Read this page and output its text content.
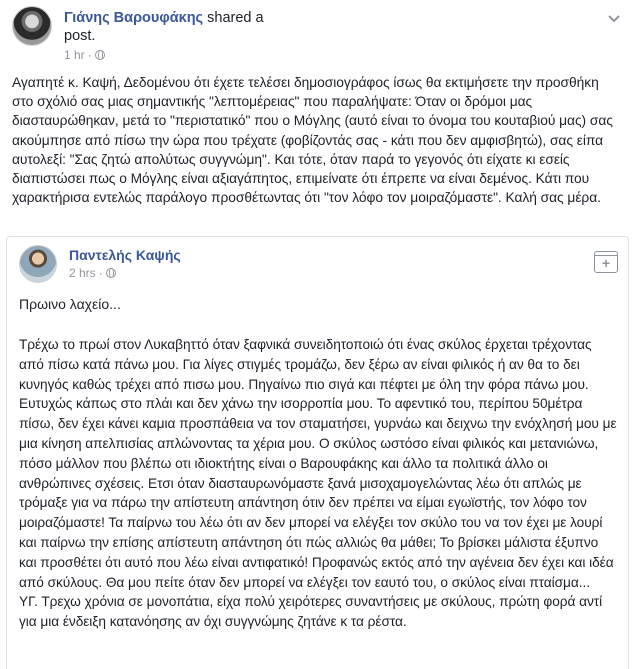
Γιάνης Βαρουφάκης shared a post.
1 hr ·
Αγαπητέ κ. Καψή, Δεδομένου ότι έχετε τελέσει δημοσιογράφος ίσως θα εκτιμήσετε την προσθήκη στο σχόλιό σας μιας σημαντικής "λεπτομέρειας" που παραλήψατε: Όταν οι δρόμοι μας διασταυρώθηκαν, μετά το "περιστατικό" που ο Μόγλης (αυτό είναι το όνομα του κουταβιού μας) σας ακούμπησε από πίσω την ώρα που τρέχατε (φοβίζοντάς σας - κάτι που δεν αμφισβητώ), σας είπα αυτολεξί: "Σας ζητώ απολύτως συγγνώμη". Και τότε, όταν παρά το γεγονός ότι είχατε κι εσείς διαπιστώσει πως ο Μόγλης είναι αξιαγάπητος, επιμείνατε ότι έπρεπε να είναι δεμένος. Κάτι που χαρακτήρισα εντελώς παράλογο προσθέτωντας ότι "τον λόφο τον μοιραζόμαστε". Καλή σας μέρα.
Παντελής Καψής
2 hrs ·
+
Πρωινο λαχείο...
Τρέχω το πρωί στον Λυκαβηττό όταν ξαφνικά συνειδητοποιώ ότι ένας σκύλος έρχεται τρέχοντας από πίσω κατά πάνω μου. Για λίγες στιγμές τρομάζω, δεν ξέρω αν είναι φιλικός ή αν θα το δει κυνηγός καθώς τρέχει από πισω μου. Πηγαίνω πιο σιγά και πέφτει με όλη την φόρα πάνω μου. Ευτυχώς κάπως στο πλάι και δεν χάνω την ισορροπία μου. Το αφεντικό του, περίπου 50μέτρα πίσω, δεν έχει κάνει καμια προσπάθεια να τον σταματήσει, γυρνάω και δειχνω την ενόχλησή μου με μια κίνηση απελπισίας απλώνοντας τα χέρια μου. Ο σκύλος ωστόσο είναι φιλικός και μετανιώνω, πόσο μάλλον που βλέπω οτι ιδιοκτήτης είναι ο Βαρουφάκης και άλλο τα πολιτικά άλλο οι ανθρώπινες σχέσεις. Ετσι όταν διασταυρωνόμαστε ξανά μισοχαμογελώντας λέω ότι απλώς με τρόμαξε για να πάρω την απίστευτη απάντηση ότιν δεν πρέπει να είμαι εγωϊστής, τον λόφο τον μοιραζόμαστε! Τα παίρνω του λέω ότι αν δεν μπορεί να ελέγξει τον σκύλο του να τον έχει με λουρί και παίρνω την επίσης απίστευτη απάντηση ότι πώς αλλιώς θα μάθει; Το βρίσκει μάλιστα έξυπνο και προσθέτει ότι αυτό που λέω είναι αντιφατικό! Προφανώς εκτός από την αγένεια δεν έχει και ιδέα από σκύλους. Θα μου πείτε όταν δεν μπορεί να ελέγξει τον εαυτό του, ο σκύλος είναι πταίσμα...
ΥΓ. Τρεχω χρόνια σε μονοπάτια, είχα πολύ χειρότερες συναντήσεις με σκύλους, πρώτη φορά αντί για μια ένδειξη κατανόησης αν όχι συγγνώμης ζητάνε κ τα ρέστα.
